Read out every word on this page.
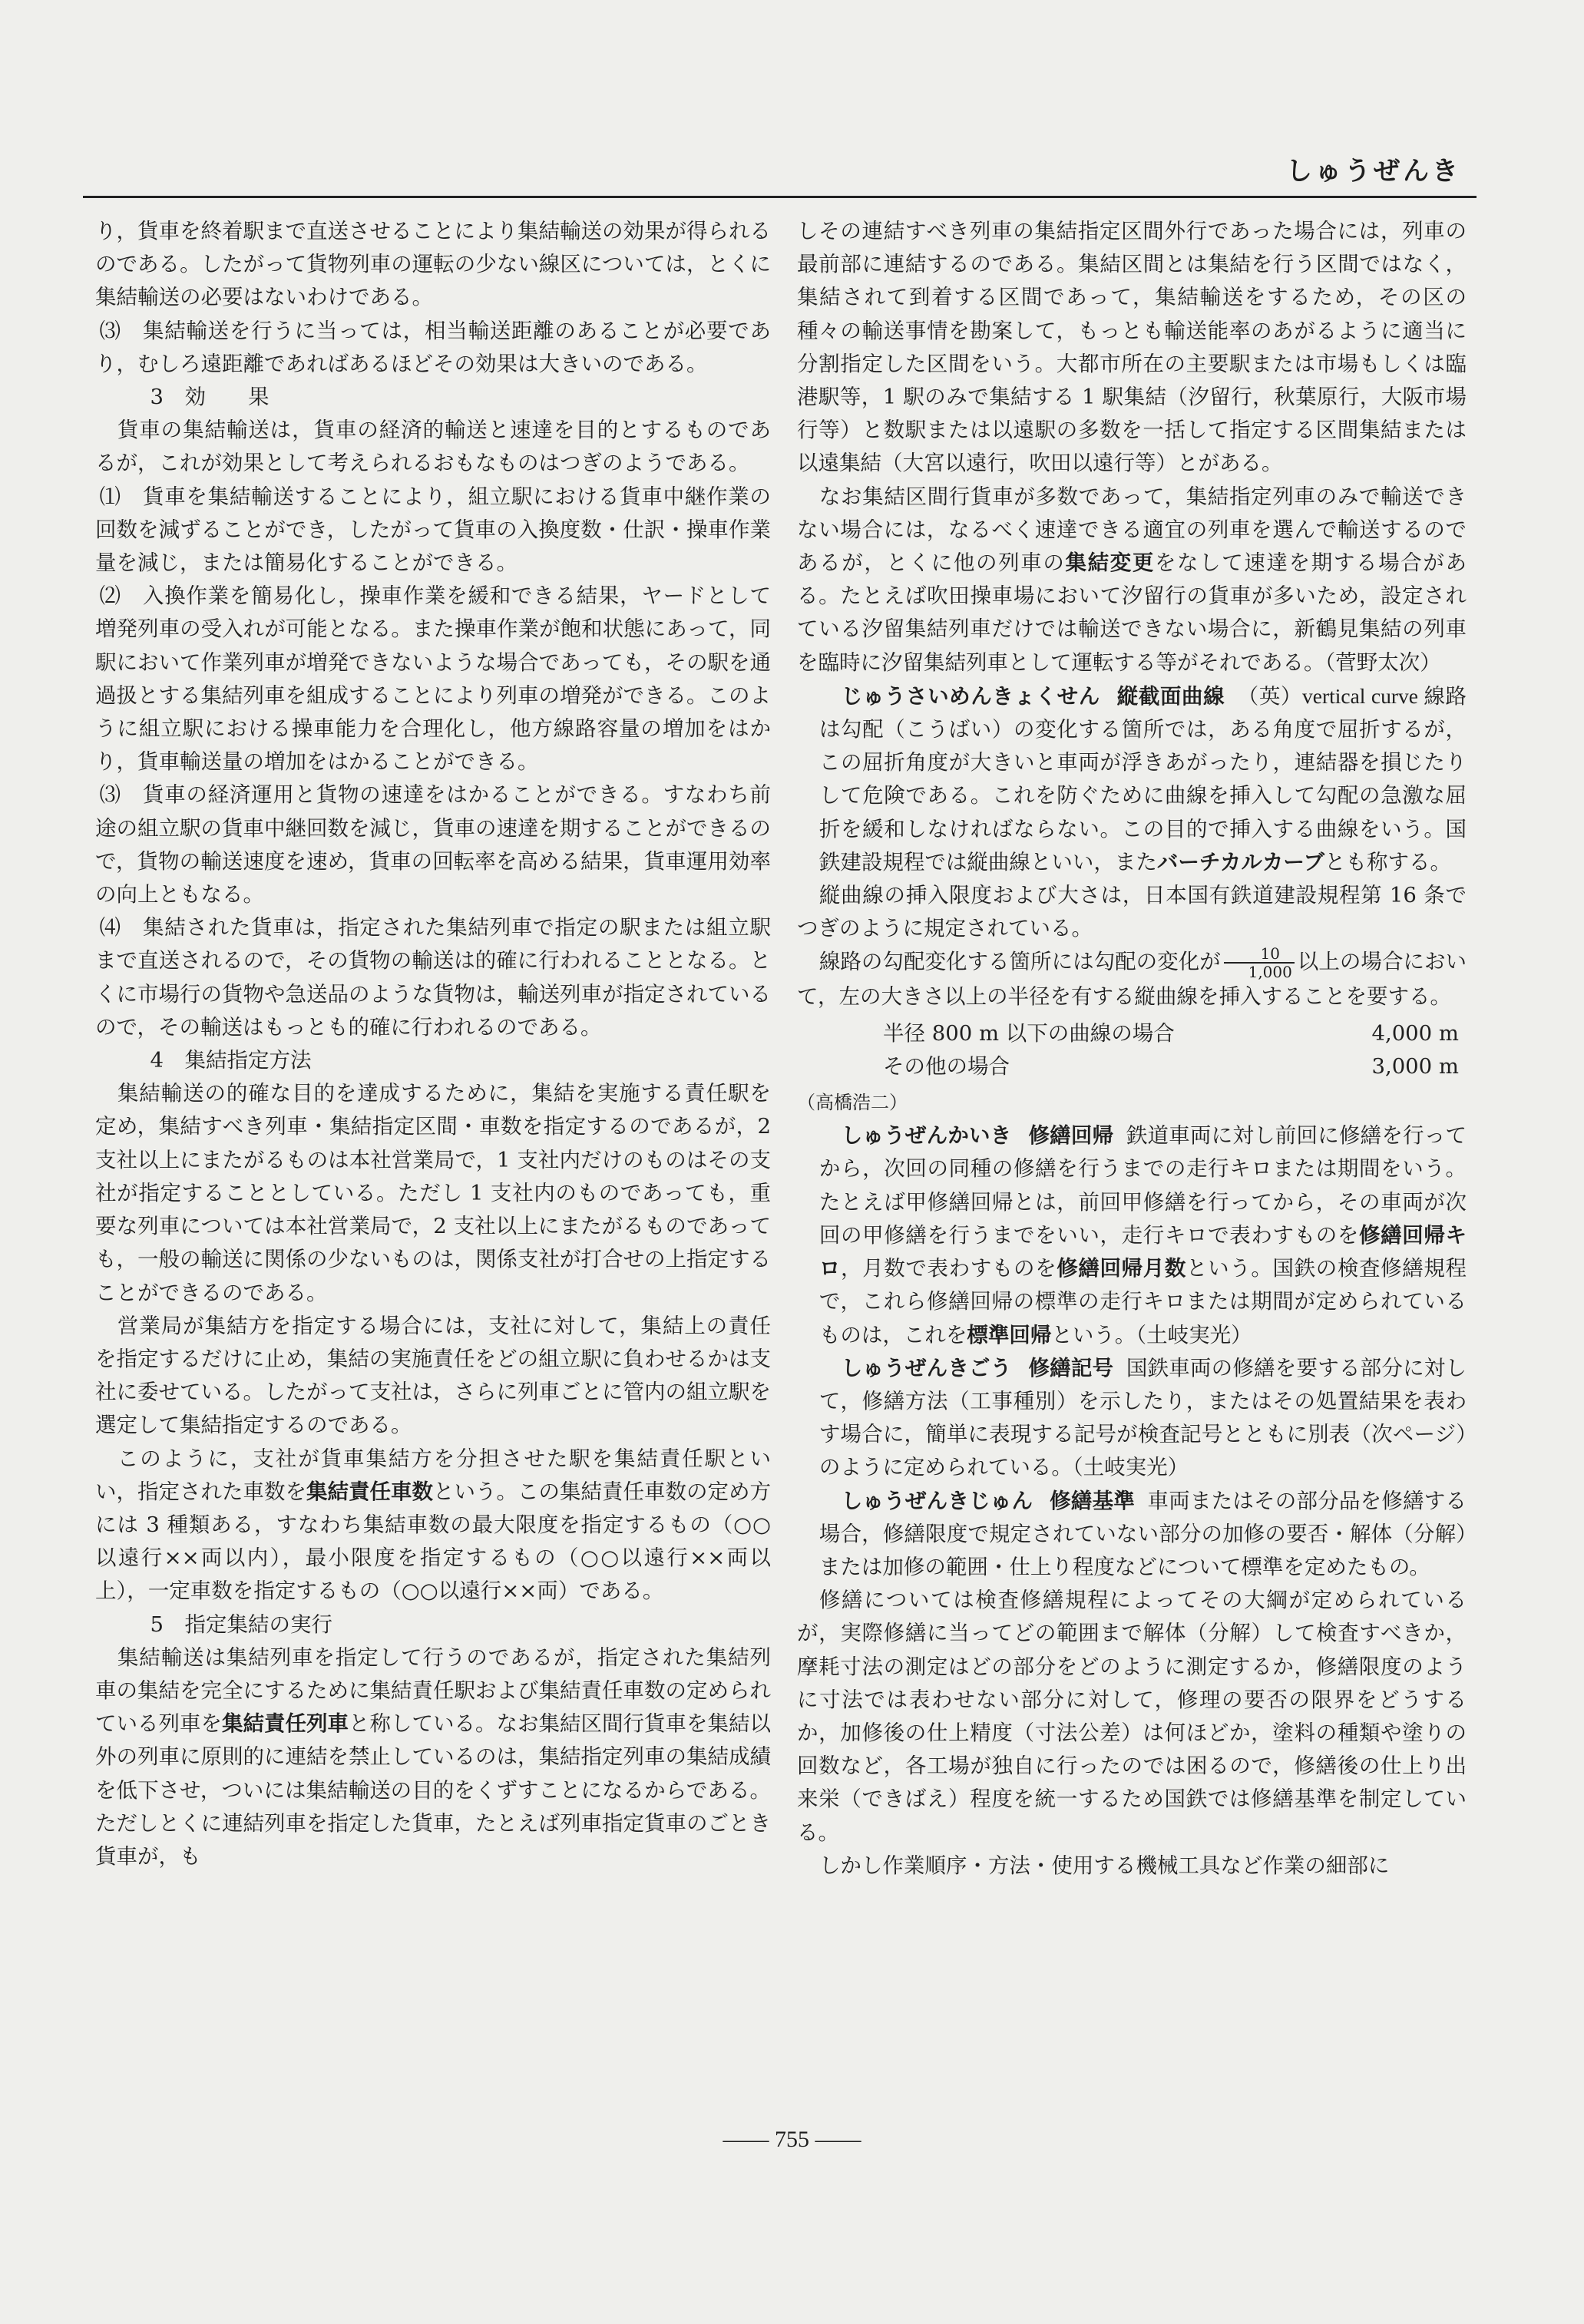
しゅうぜんき

り，貨車を終着駅まで直送させることにより集結輸送の効果が得られるのである。したがって貨物列車の運転の少ない線区については，とくに集結輸送の必要はないわけである。

⑶　集結輸送を行うに当っては，相当輸送距離のあることが必要であり，むしろ遠距離であればあるほどその効果は大きいのである。

3　効　　果

貨車の集結輸送は，貨車の経済的輸送と速達を目的とするものであるが，これが効果として考えられるおもなものはつぎのようである。

⑴　貨車を集結輸送することにより，組立駅における貨車中継作業の回数を減ずることができ，したがって貨車の入換度数・仕訳・操車作業量を減じ，または簡易化することができる。

⑵　入換作業を簡易化し，操車作業を緩和できる結果，ヤードとして増発列車の受入れが可能となる。また操車作業が飽和状態にあって，同駅において作業列車が増発できないような場合であっても，その駅を通過扱とする集結列車を組成することにより列車の増発ができる。このように組立駅における操車能力を合理化し，他方線路容量の増加をはかり，貨車輸送量の増加をはかることができる。

⑶　貨車の経済運用と貨物の速達をはかることができる。すなわち前途の組立駅の貨車中継回数を減じ，貨車の速達を期することができるので，貨物の輸送速度を速め，貨車の回転率を高める結果，貨車運用効率の向上ともなる。

⑷　集結された貨車は，指定された集結列車で指定の駅または組立駅まで直送されるので，その貨物の輸送は的確に行われることとなる。とくに市場行の貨物や急送品のような貨物は，輸送列車が指定されているので，その輸送はもっとも的確に行われるのである。

4　集結指定方法

集結輸送の的確な目的を達成するために，集結を実施する責任駅を定め，集結すべき列車・集結指定区間・車数を指定するのであるが，2 支社以上にまたがるものは本社営業局で，1 支社内だけのものはその支社が指定することとしている。ただし 1 支社内のものであっても，重要な列車については本社営業局で，2 支社以上にまたがるものであっても，一般の輸送に関係の少ないものは，関係支社が打合せの上指定することができるのである。

営業局が集結方を指定する場合には，支社に対して，集結上の責任を指定するだけに止め，集結の実施責任をどの組立駅に負わせるかは支社に委せている。したがって支社は，さらに列車ごとに管内の組立駅を選定して集結指定するのである。

このように，支社が貨車集結方を分担させた駅を集結責任駅といい，指定された車数を集結責任車数という。この集結責任車数の定め方には 3 種類ある，すなわち集結車数の最大限度を指定するもの（○○以遠行××両以内），最小限度を指定するもの（○○以遠行××両以上），一定車数を指定するもの（○○以遠行××両）である。

5　指定集結の実行

集結輸送は集結列車を指定して行うのであるが，指定された集結列車の集結を完全にするために集結責任駅および集結責任車数の定められている列車を集結責任列車と称している。なお集結区間行貨車を集結以外の列車に原則的に連結を禁止しているのは，集結指定列車の集結成績を低下させ，ついには集結輸送の目的をくずすことになるからである。ただしとくに連結列車を指定した貨車，たとえば列車指定貨車のごとき貨車が，も

しその連結すべき列車の集結指定区間外行であった場合には，列車の最前部に連結するのである。集結区間とは集結を行う区間ではなく，集結されて到着する区間であって，集結輸送をするため，その区の種々の輸送事情を勘案して，もっとも輸送能率のあがるように適当に分割指定した区間をいう。大都市所在の主要駅または市場もしくは臨港駅等，1 駅のみで集結する 1 駅集結（汐留行，秋葉原行，大阪市場行等）と数駅または以遠駅の多数を一括して指定する区間集結または以遠集結（大宮以遠行，吹田以遠行等）とがある。

なお集結区間行貨車が多数であって，集結指定列車のみで輸送できない場合には，なるべく速達できる適宜の列車を選んで輸送するのであるが，とくに他の列車の集結変更をなして速達を期する場合がある。たとえば吹田操車場において汐留行の貨車が多いため，設定されている汐留集結列車だけでは輸送できない場合に，新鶴見集結の列車を臨時に汐留集結列車として運転する等がそれである。（菅野太次）

じゅうさいめんきょくせん 縦截面曲線 （英）vertical curve 線路は勾配（こうばい）の変化する箇所では，ある角度で屈折するが，この屈折角度が大きいと車両が浮きあがったり，連結器を損じたりして危険である。これを防ぐために曲線を挿入して勾配の急激な屈折を緩和しなければならない。この目的で挿入する曲線をいう。国鉄建設規程では縦曲線といい，またバーチカルカーブとも称する。

縦曲線の挿入限度および大さは，日本国有鉄道建設規程第 16 条でつぎのように規定されている。

線路の勾配変化する箇所には勾配の変化が $\frac{10}{1,000}$ 以上の場合において，左の大きさ以上の半径を有する縦曲線を挿入することを要する。

半径 800 m 以下の曲線の場合	4,000 m
その他の場合	3,000 m

（高橋浩二）

しゅうぜんかいき 修繕回帰 鉄道車両に対し前回に修繕を行ってから，次回の同種の修繕を行うまでの走行キロまたは期間をいう。たとえば甲修繕回帰とは，前回甲修繕を行ってから，その車両が次回の甲修繕を行うまでをいい，走行キロで表わすものを修繕回帰キロ，月数で表わすものを修繕回帰月数という。国鉄の検査修繕規程で，これら修繕回帰の標準の走行キロまたは期間が定められているものは，これを標準回帰という。（土岐実光）

しゅうぜんきごう 修繕記号 国鉄車両の修繕を要する部分に対して，修繕方法（工事種別）を示したり，またはその処置結果を表わす場合に，簡単に表現する記号が検査記号とともに別表（次ページ）のように定められている。（土岐実光）

しゅうぜんきじゅん 修繕基準 車両またはその部分品を修繕する場合，修繕限度で規定されていない部分の加修の要否・解体（分解）または加修の範囲・仕上り程度などについて標準を定めたもの。

修繕については検査修繕規程によってその大綱が定められているが，実際修繕に当ってどの範囲まで解体（分解）して検査すべきか，摩耗寸法の測定はどの部分をどのように測定するか，修繕限度のように寸法では表わせない部分に対して，修理の要否の限界をどうするか，加修後の仕上精度（寸法公差）は何ほどか，塗料の種類や塗りの回数など，各工場が独自に行ったのでは困るので，修繕後の仕上り出来栄（できばえ）程度を統一するため国鉄では修繕基準を制定している。

しかし作業順序・方法・使用する機械工具など作業の細部に

—— 755 ——
